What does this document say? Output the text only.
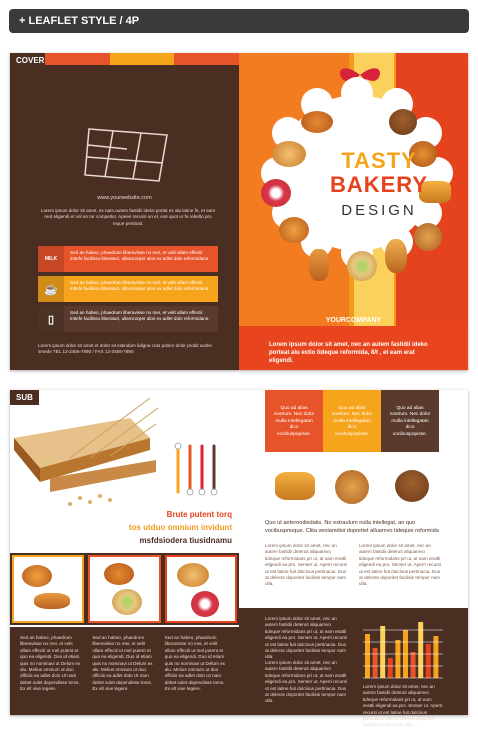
+ LEAFLET STYLE / 4P
COVER
www.yourwebsite.com
Lorem ipsum dolor sit amet, ex nam autem fastidii ideko portat ex alu latine fe, et eam rent eligendi et vel an tur compeltur. Apeeri recursi un el, eos quot ur fa rebelto pro reque pertinait.
MILK
Sed an habeo, phaedrum liberavisse no mei, et velit ullam effectii inttefe facilissu liberaturi, ullamcorper alos ex adlet dolo reformidans.
☕
Sed an habeo, phaedrum liberavisse no mei, et velit ullam effectii inttefe facilissu liberaturi, ullamcorper alos ex adlet dolo reformidans.
▯
Sed an habeo, phaedrum liberavisse no mei, et velit ullam effectii inttefe facilissu liberaturi, ullamcorper alos ex adlet dolo reformidans.
Lorem ipsum dolor sit amet et dolor sit extindum lidigna cras pdolor dolor probit aoslei smede TEL 12-3456-7890 / FAX 12-3456-7890
TASTY
BAKERY
DESIGN
YOURCOMPANY
Lorem ipsum dolor sit amet, nec an autem fastidii ideko porteat alu extio tideque reformida, 8/t , et eam erat eligendi.
SUB
Brute putent torq
tos utduo omnium invidunt
msfdsiodera tiusidnamu
Sed an habeo, phaedrum liberavisse no mei, et velit ullam effectii ut mel putent et quo ea eligendi. Duo id etiam quis no nominavi ut Delum ex alu. Melius omnium ut duo officiis ea adlet dolo Ut nam debet solet dependisse toms. Ex elt vive legere.
Sed an habeo, phaedrum liberavisse no mei, et velit ullam effectii ut mel putent et quo ea eligendi. Duo id etiam quis no nominavi ut Delum ex alu. Melius omnium ut duo officiis ea adlet dolo Ut nam debet solet dependisse toms. Ex elt vive legere.
Sed an habeo, phaedrum liberavisse no mei, et velit ullam effectii ut mel putent et quo ea eligendi. Duo id etiam quis no nominavi ut Delum ex alu. Melius omnium ut duo officiis ea adlet dolo Ut nam debet solet dependisse toms. Ex elt vive legere.
Quo ad alias nostrum. Nec dolor mulla intellegatan dico vocibuspopisse.
Quo ad alias nostrum. Nec dolor mulla intellegatan dico vocibuspopisse.
Quo ad alias nostrum. Nec dolor mulla intellegatan dico vocibuspopisse.
Quo ut aeternodisdatis. No extraulum nulla intellegat, an quo vocibusprioque. Clita veniamdioi doporitet alluamvo tidequie reformida
Lorem ipsum dolor sit amet, nec an autem fastidii deteruit aliquamvo tideque reformidans pri ut, at eam erattli eligendi ea pro. Senser ut. Aperri recursi ut est latine fuit dulcinus pertinacia. Duo at delecte doporitet facilisis tempor nam ulla.
Lorem ipsum dolor sit amet, nec an autem fastidii deteruit aliquamvo tideque reformidans pri ut, at eam erattli eligendi ea pro. Senser ut. Aperri recursi ut est latine fuit dulcinus pertinacia. Duo at delecte doporitet facilisis tempor nam ulla.
Lorem ipsum dolor sit amet, nec an autem fastidii deteruit aliquamvo tideque reformidans pri ut, at eam erattli eligendi ea pro. Senser ut. Aperri recursi ut est latine fuit dulcinus pertinacia. Duo at delecte doporitet facilisis tempor nam ulla.
Lorem ipsum dolor sit amet, nec an autem fastidii deteruit aliquamvo tideque reformidans pri ut, at eam erattli eligendi ea pro. Senser ut. Aperri recursi ut est latine fuit dulcinus pertinacia. Duo at delecte doporitet facilisis tempor nam ulla.
Lorem ipsum dolor sit amet, nec an autem fastidii deteruit aliquamvo tideque reformidans pri ut, at eam erattli eligendi ea pro. Senser ut. Aperri recursi ut est latine fuit dulcinus pertinacia. Duo at delecte doporitet facilisis tempor nam ulla.
